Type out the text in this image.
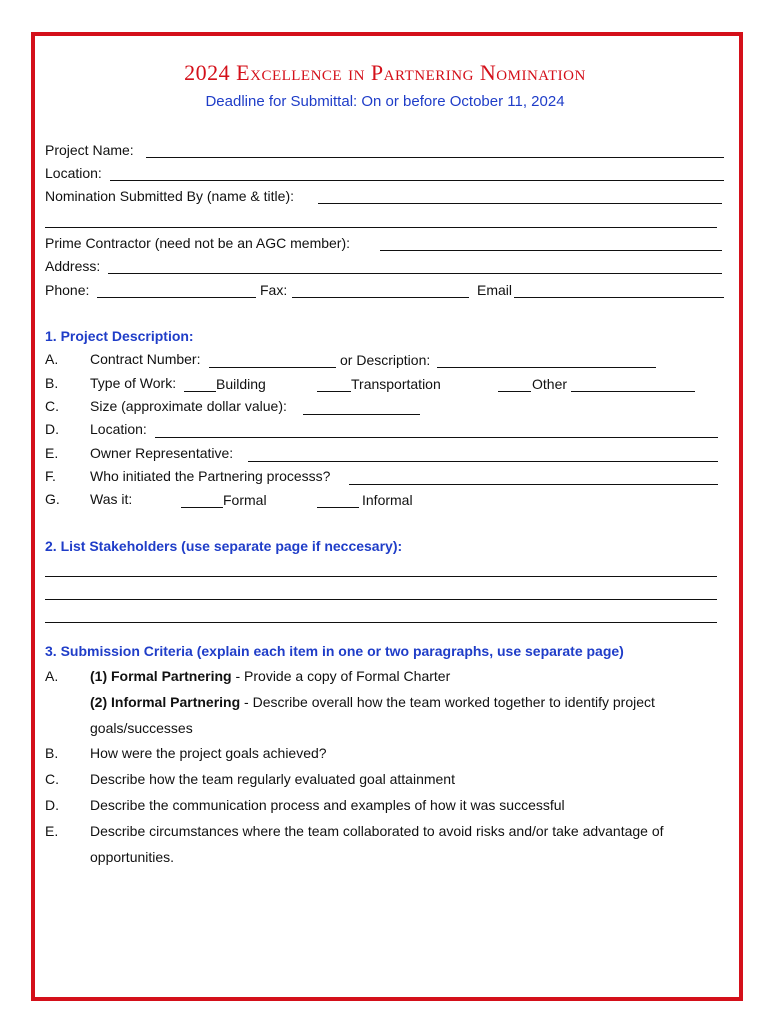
2024 Excellence in Partnering Nomination
Deadline for Submittal: On or before October 11, 2024
Project Name:
Location:
Nomination Submitted By (name & title):
Prime Contractor (need not be an AGC member):
Address:
Phone:	Fax:	Email
1. Project Description:
A. Contract Number:	or Description:
B. Type of Work:	Building	Transportation	Other
C. Size (approximate dollar value):
D. Location:
E. Owner Representative:
F. Who initiated the Partnering processs?
G. Was it:	Formal	Informal
2. List Stakeholders (use separate page if neccesary):
3. Submission Criteria (explain each item in one or two paragraphs, use separate page)
A. (1) Formal Partnering - Provide a copy of Formal Charter
(2) Informal Partnering - Describe overall how the team worked together to identify project
goals/successes
B. How were the project goals achieved?
C. Describe how the team regularly evaluated goal attainment
D. Describe the communication process and examples of how it was successful
E. Describe circumstances where the team collaborated to avoid risks and/or take advantage of
opportunities.
